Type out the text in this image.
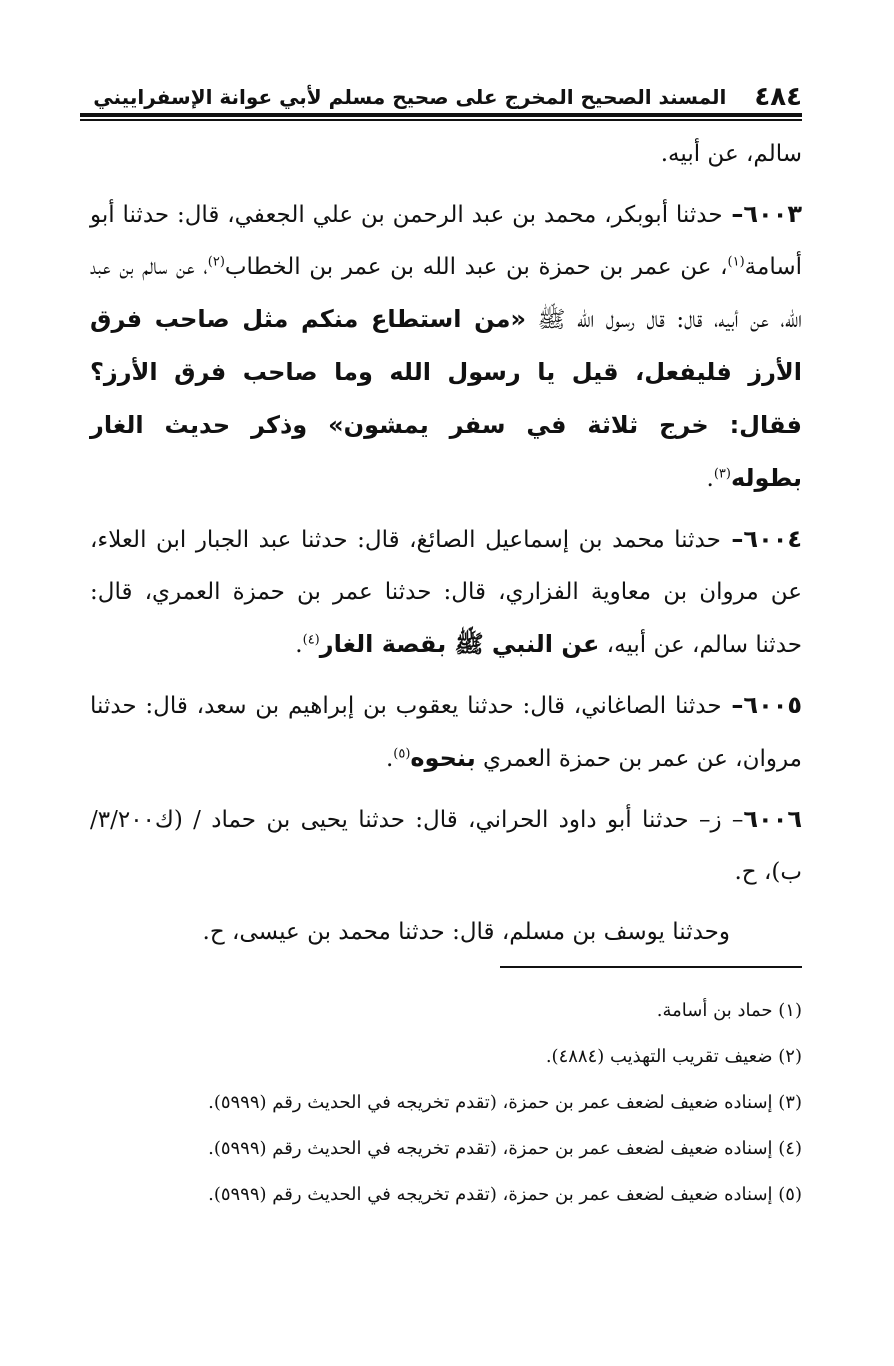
٤٨٤
المسند الصحيح المخرج على صحيح مسلم لأبي عوانة الإسفراييني

سالم، عن أبيه.

٦٠٠٣– حدثنا أبوبكر، محمد بن عبد الرحمن بن علي الجعفي، قال: حدثنا أبو أسامة$^{(١)}$، عن عمر بن حمزة بن عبد الله بن عمر بن الخطاب$^{(٢)}$، عن سالم بن عبد الله، عن أبيه، قال: قال رسول الله ﷺ «من استطاع منكم مثل صاحب فرق الأرز فليفعل، قيل يا رسول الله وما صاحب فرق الأرز؟ فقال: خرج ثلاثة في سفر يمشون» وذكر حديث الغار بطوله$^{(٣)}$.

٦٠٠٤– حدثنا محمد بن إسماعيل الصائغ، قال: حدثنا عبد الجبار ابن العلاء، عن مروان بن معاوية الفزاري، قال: حدثنا عمر بن حمزة العمري، قال: حدثنا سالم، عن أبيه، عن النبي ﷺ بقصة الغار$^{(٤)}$.

٦٠٠٥– حدثنا الصاغاني، قال: حدثنا يعقوب بن إبراهيم بن سعد، قال: حدثنا مروان، عن عمر بن حمزة العمري بنحوه$^{(٥)}$.

٦٠٠٦– ز– حدثنا أبو داود الحراني، قال: حدثنا يحيى بن حماد / (ك٣/٢٠٠/ب)، ح.

وحدثنا يوسف بن مسلم، قال: حدثنا محمد بن عيسى، ح.

(١) حماد بن أسامة.
(٢) ضعيف تقريب التهذيب (٤٨٨٤).
(٣) إسناده ضعيف لضعف عمر بن حمزة، (تقدم تخريجه في الحديث رقم (٥٩٩٩).
(٤) إسناده ضعيف لضعف عمر بن حمزة، (تقدم تخريجه في الحديث رقم (٥٩٩٩).
(٥) إسناده ضعيف لضعف عمر بن حمزة، (تقدم تخريجه في الحديث رقم (٥٩٩٩).
